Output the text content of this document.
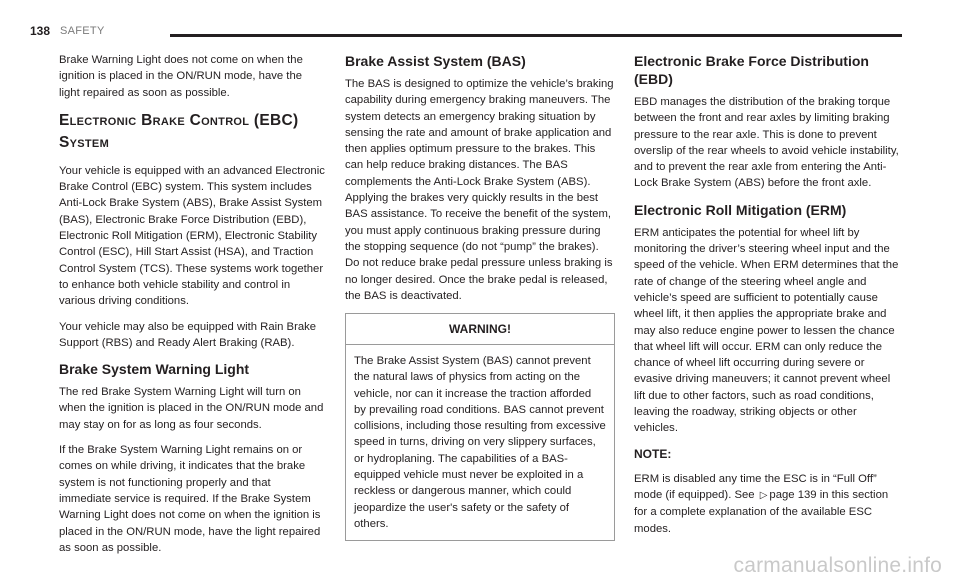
138 SAFETY

Brake Warning Light does not come on when the ignition is placed in the ON/RUN mode, have the light repaired as soon as possible.

Electronic Brake Control (EBC)
System

Your vehicle is equipped with an advanced Electronic Brake Control (EBC) system. This system includes Anti-Lock Brake System (ABS), Brake Assist System (BAS), Electronic Brake Force Distribution (EBD), Electronic Roll Mitigation (ERM), Electronic Stability Control (ESC), Hill Start Assist (HSA), and Traction Control System (TCS). These systems work together to enhance both vehicle stability and control in various driving conditions.

Your vehicle may also be equipped with Rain Brake Support (RBS) and Ready Alert Braking (RAB).

Brake System Warning Light

The red Brake System Warning Light will turn on when the ignition is placed in the ON/RUN mode and may stay on for as long as four seconds.

If the Brake System Warning Light remains on or comes on while driving, it indicates that the brake system is not functioning properly and that immediate service is required. If the Brake System Warning Light does not come on when the ignition is placed in the ON/RUN mode, have the light repaired as soon as possible.

Brake Assist System (BAS)

The BAS is designed to optimize the vehicle’s braking capability during emergency braking maneuvers. The system detects an emergency braking situation by sensing the rate and amount of brake application and then applies optimum pressure to the brakes. This can help reduce braking distances. The BAS complements the Anti-Lock Brake System (ABS). Applying the brakes very quickly results in the best BAS assistance. To receive the benefit of the system, you must apply continuous braking pressure during the stopping sequence (do not “pump” the brakes). Do not reduce brake pedal pressure unless braking is no longer desired. Once the brake pedal is released, the BAS is deactivated.

WARNING!
The Brake Assist System (BAS) cannot prevent the natural laws of physics from acting on the vehicle, nor can it increase the traction afforded by prevailing road conditions. BAS cannot prevent collisions, including those resulting from excessive speed in turns, driving on very slippery surfaces, or hydroplaning. The capabilities of a BAS-equipped vehicle must never be exploited in a reckless or dangerous manner, which could jeopardize the user's safety or the safety of others.
Electronic Brake Force Distribution (EBD)

EBD manages the distribution of the braking torque between the front and rear axles by limiting braking pressure to the rear axle. This is done to prevent overslip of the rear wheels to avoid vehicle instability, and to prevent the rear axle from entering the Anti-Lock Brake System (ABS) before the front axle.

Electronic Roll Mitigation (ERM)

ERM anticipates the potential for wheel lift by monitoring the driver’s steering wheel input and the speed of the vehicle. When ERM determines that the rate of change of the steering wheel angle and vehicle’s speed are sufficient to potentially cause wheel lift, it then applies the appropriate brake and may also reduce engine power to lessen the chance that wheel lift will occur. ERM can only reduce the chance of wheel lift occurring during severe or evasive driving maneuvers; it cannot prevent wheel lift due to other factors, such as road conditions, leaving the roadway, striking objects or other vehicles.

NOTE:

ERM is disabled any time the ESC is in “Full Off” mode (if equipped). See ▷ page 139 in this section for a complete explanation of the available ESC modes.

carmanualsonline.info
